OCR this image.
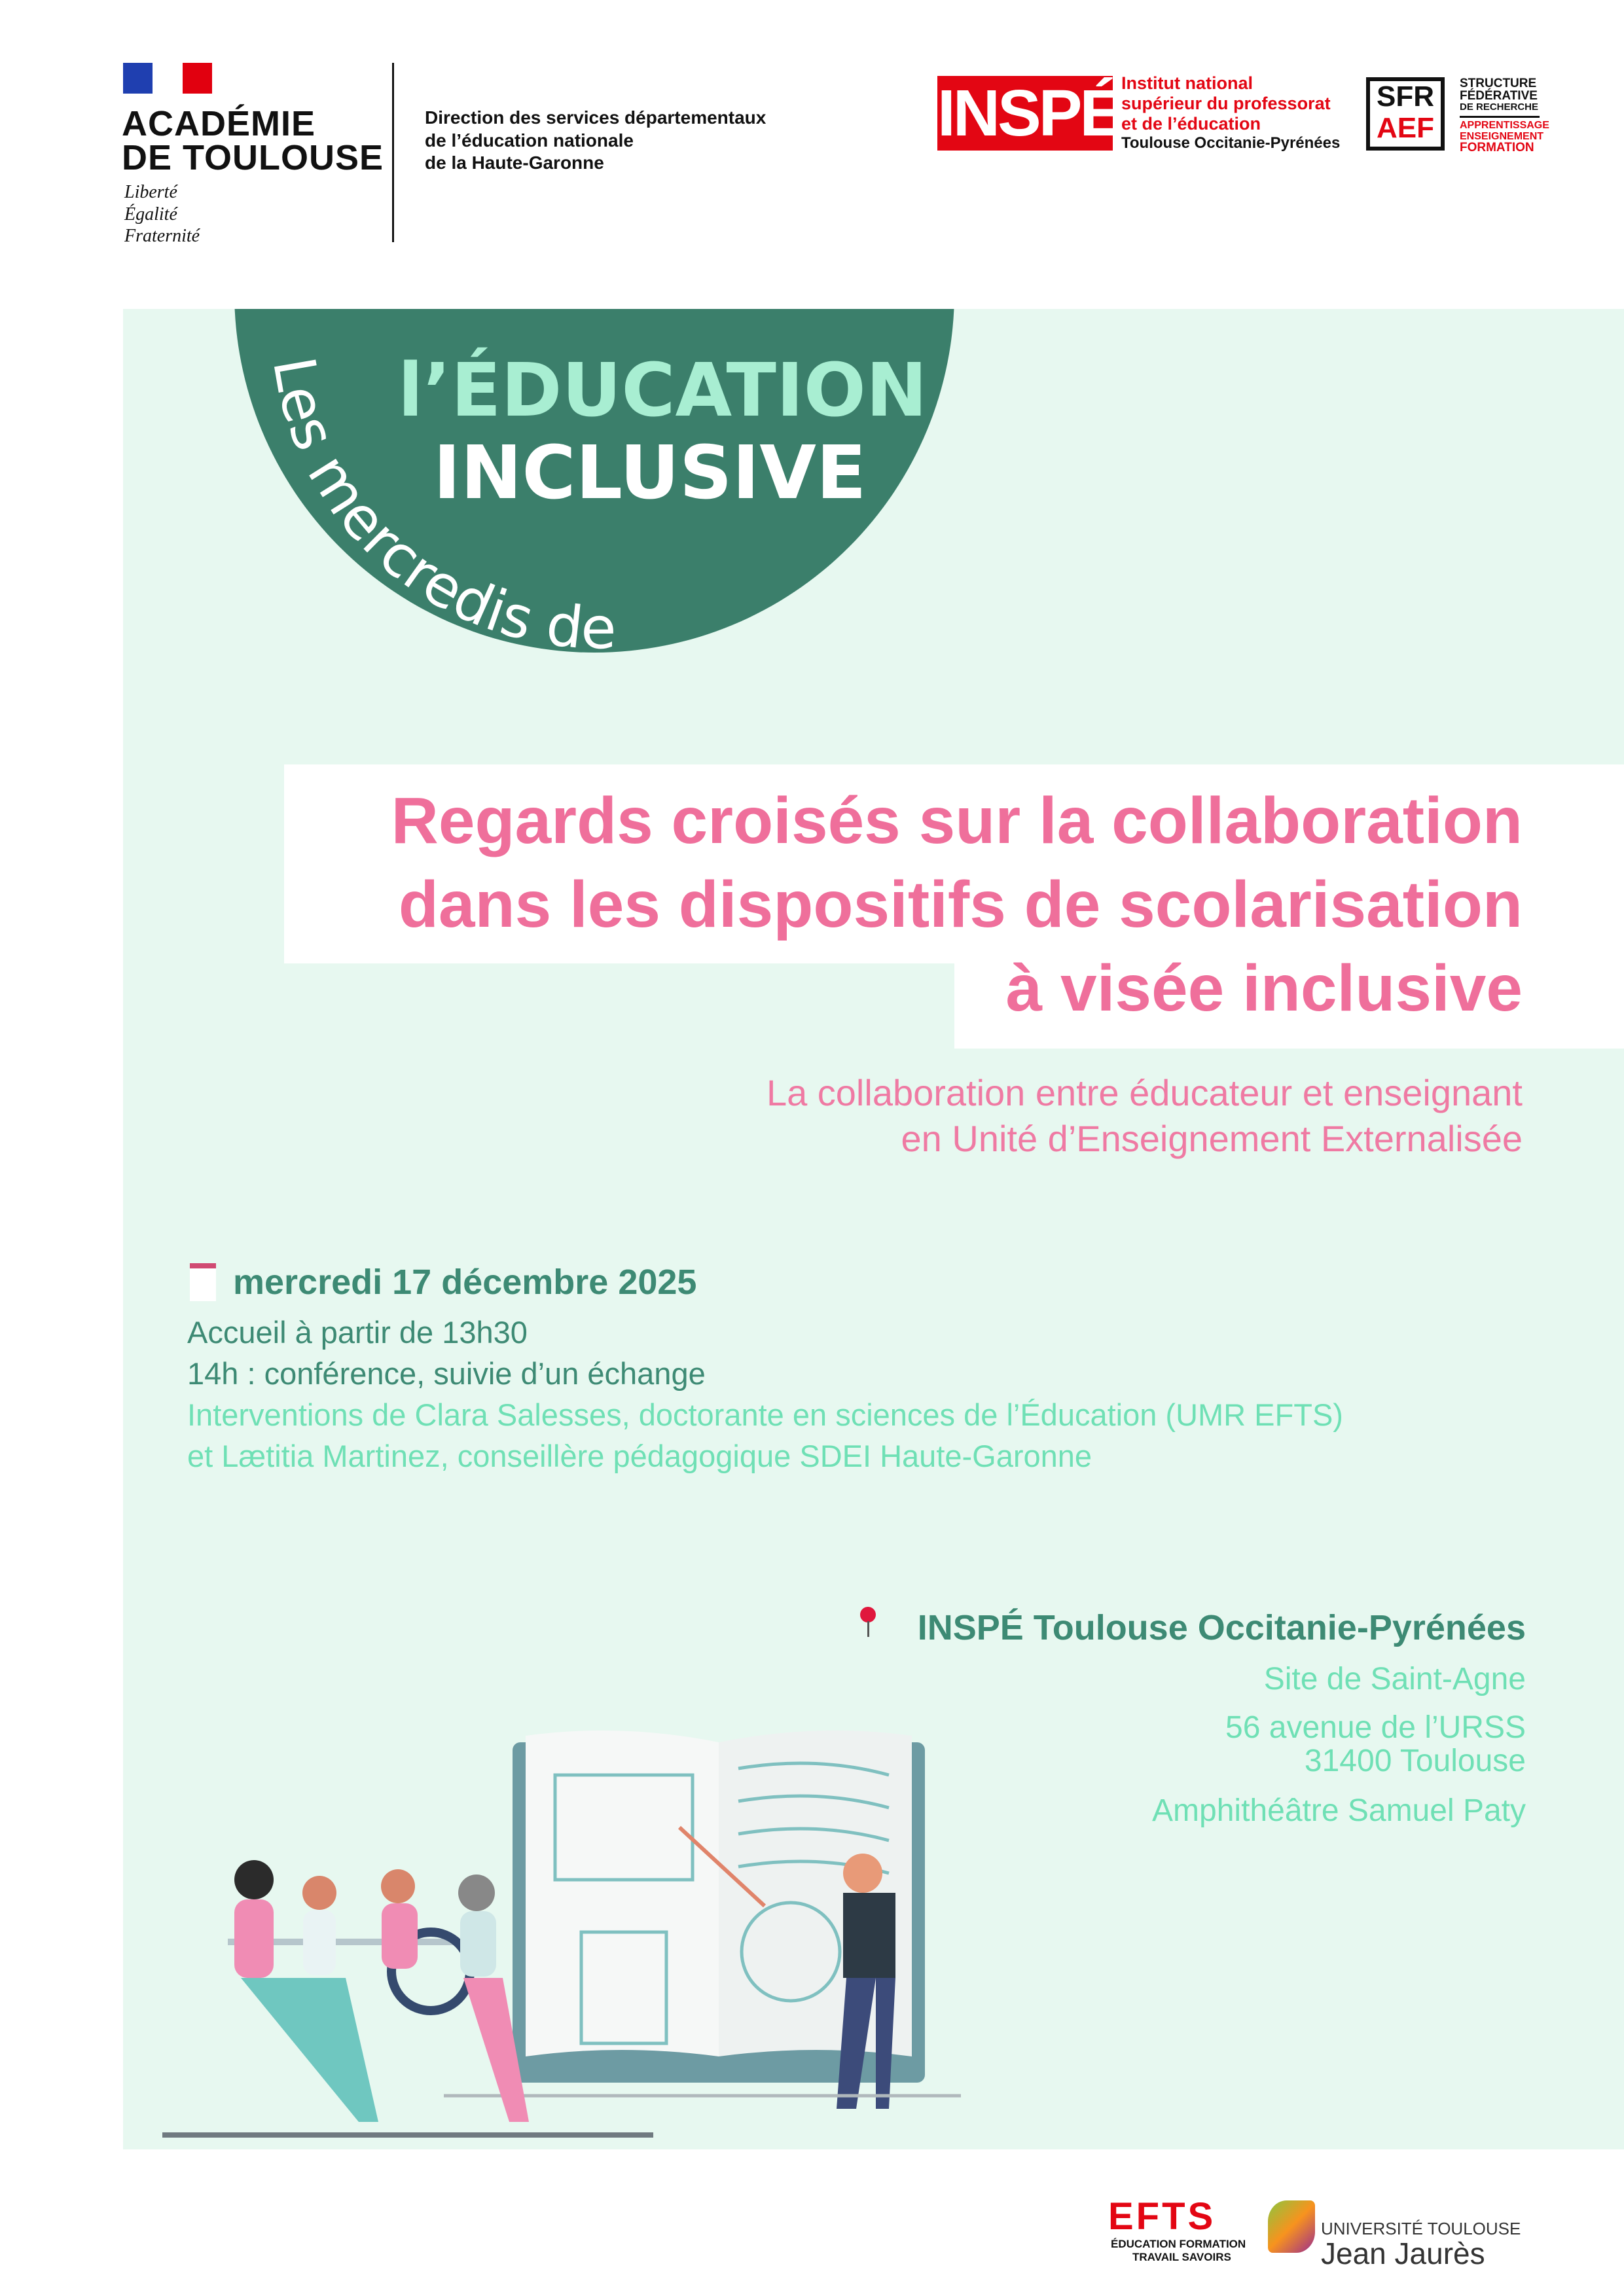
ACADÉMIE
DE TOULOUSE
Liberté
Égalité
Fraternité
Direction des services départementaux
de l’éducation nationale
de la Haute-Garonne
INSPÉ Institut national
supérieur du professorat
et de l’éducation
Toulouse Occitanie-Pyrénées
SFR
AEF
STRUCTURE
FÉDÉRATIVE
DE RECHERCHE
APPRENTISSAGE
ENSEIGNEMENT
FORMATION
Les mercredis de
l’ÉDUCATION
INCLUSIVE
Regards croisés sur la collaboration
dans les dispositifs de scolarisation
à visée inclusive
La collaboration entre éducateur et enseignant
en Unité d’Enseignement Externalisée
mercredi 17 décembre 2025
Accueil à partir de 13h30
14h : conférence, suivie d’un échange
Interventions de Clara Salesses, doctorante en sciences de l’Éducation (UMR EFTS)
et Lætitia Martinez, conseillère pédagogique SDEI Haute-Garonne
INSPÉ Toulouse Occitanie-Pyrénées
Site de Saint-Agne
56 avenue de l’URSS
31400 Toulouse
Amphithéâtre Samuel Paty
EFTS
ÉDUCATION FORMATION
TRAVAIL SAVOIRS
UNIVERSITÉ TOULOUSE
Jean Jaurès
